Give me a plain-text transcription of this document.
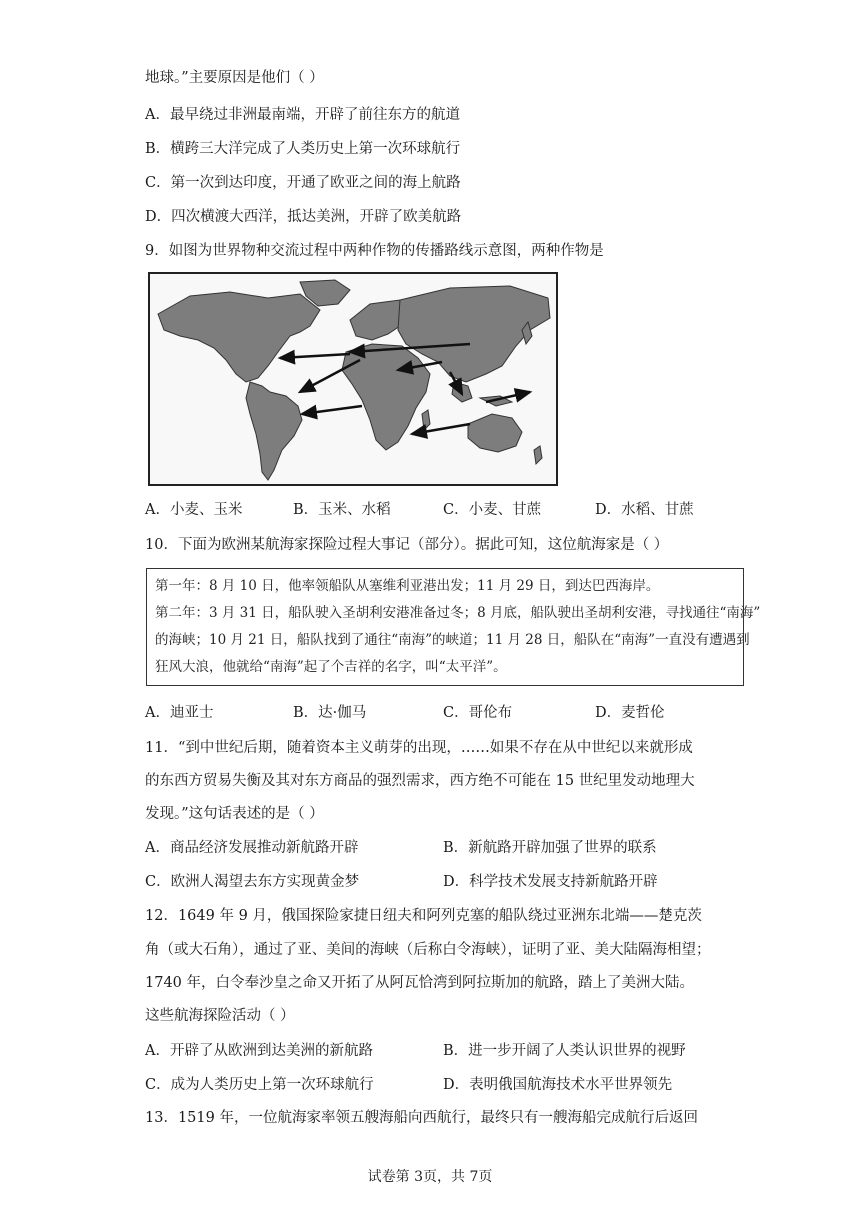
地球。”主要原因是他们（ ）
A．最早绕过非洲最南端，开辟了前往东方的航道
B．横跨三大洋完成了人类历史上第一次环球航行
C．第一次到达印度，开通了欧亚之间的海上航路
D．四次横渡大西洋，抵达美洲，开辟了欧美航路
9．如图为世界物种交流过程中两种作物的传播路线示意图，两种作物是
A．小麦、玉米	B．玉米、水稻	C．小麦、甘蔗	D．水稻、甘蔗
10．下面为欧洲某航海家探险过程大事记（部分）。据此可知，这位航海家是（ ）

第一年：8 月 10 日，他率领船队从塞维利亚港出发；11 月 29 日，到达巴西海岸。

第二年：3 月 31 日，船队驶入圣胡利安港准备过冬；8 月底，船队驶出圣胡利安港，寻找通往“南海”

的海峡；10 月 21 日，船队找到了通往“南海”的峡道；11 月 28 日，船队在“南海”一直没有遭遇到

狂风大浪，他就给“南海”起了个吉祥的名字，叫“太平洋”。

A．迪亚士	B．达·伽马	C．哥伦布	D．麦哲伦
11．“到中世纪后期，随着资本主义萌芽的出现，……如果不存在从中世纪以来就形成
的东西方贸易失衡及其对东方商品的强烈需求，西方绝不可能在 15 世纪里发动地理大
发现。”这句话表述的是（ ）
A．商品经济发展推动新航路开辟	B．新航路开辟加强了世界的联系
C．欧洲人渴望去东方实现黄金梦	D．科学技术发展支持新航路开辟
12．1649 年 9 月，俄国探险家捷日纽夫和阿列克塞的船队绕过亚洲东北端——楚克茨
角（或大石角），通过了亚、美间的海峡（后称白令海峡），证明了亚、美大陆隔海相望；
1740 年，白令奉沙皇之命又开拓了从阿瓦恰湾到阿拉斯加的航路，踏上了美洲大陆。
这些航海探险活动（ ）
A．开辟了从欧洲到达美洲的新航路	B．进一步开阔了人类认识世界的视野
C．成为人类历史上第一次环球航行	D．表明俄国航海技术水平世界领先
13．1519 年，一位航海家率领五艘海船向西航行，最终只有一艘海船完成航行后返回
试卷第 3页，共 7页
